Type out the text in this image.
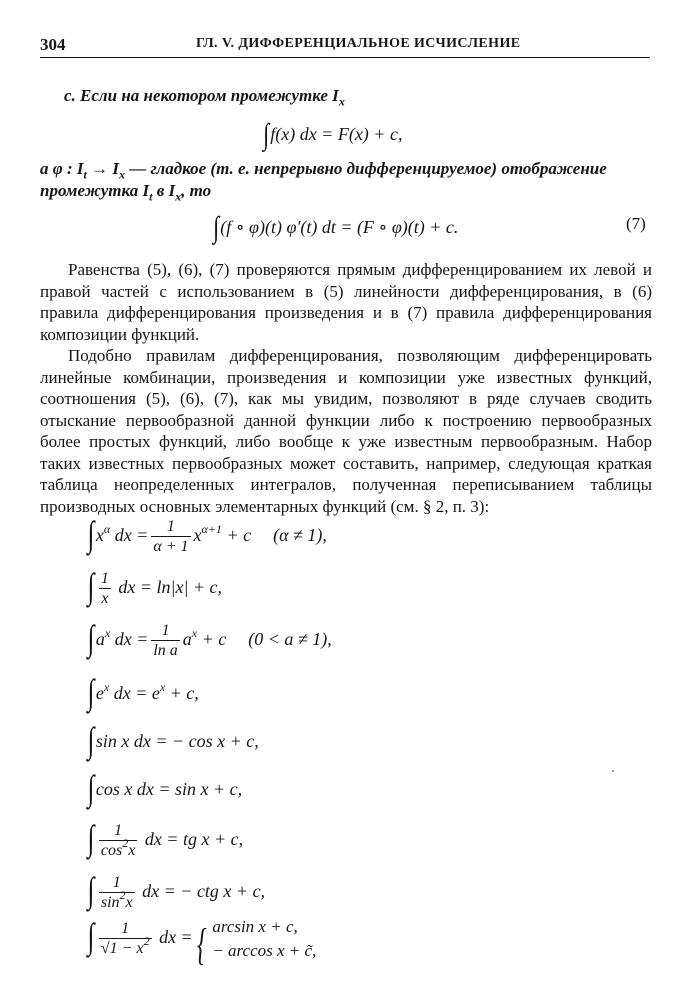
304	ГЛ. V. ДИФФЕРЕНЦИАЛЬНОЕ ИСЧИСЛЕНИЕ
c. Если на некотором промежутке $I_x$
∫f(x) dx = F(x) + c,
a φ : $I_t \to I_x$ — гладкое (т. е. непрерывно дифференцируемое) отображение
промежутка $I_t$ в $I_x$, то
∫(f ∘ φ)(t) φ′(t) dt = (F ∘ φ)(t) + c.	(7)

Равенства (5), (6), (7) проверяются прямым дифференцированием их левой и правой частей с использованием в (5) линейности дифференцирования, в (6) правила дифференцирования произведения и в (7) правила дифференцирования композиции функций.

Подобно правилам дифференцирования, позволяющим дифференцировать линейные комбинации, произведения и композиции уже известных функций, соотношения (5), (6), (7), как мы увидим, позволяют в ряде случаев сводить отыскание первообразной данной функции либо к построению первообразных более простых функций, либо вообще к уже известным первообразным. Набор таких известных первообразных может составить, например, следующая краткая таблица неопределенных интегралов, полученная переписыванием таблицы производных основных элементарных функций (см. § 2, п. 3):

$\int x^\alpha$ dx = $\frac{1}{\alpha + 1} x^{\alpha+1} + c$ (α ≠ 1),
∫ $\frac{1}{x}$ dx = ln|x| + c,
$\int a^x$ dx = $\frac{1}{\text{ln a}} a^x + c$ (0 < a ≠ 1),
$\int e^x$ dx = $e^x + c$,
∫sin x dx = − cos x + c,
∫cos x dx = sin x + c,
∫ $\frac{1}{\cos^2x}$ dx = tg x + c,
∫ $\frac{1}{\sin^2x}$ dx = − ctg x + c,
∫ $\frac{1}{√1 - x^2}$ dx ={ arcsin x + c,
− arccos x + c̃,
